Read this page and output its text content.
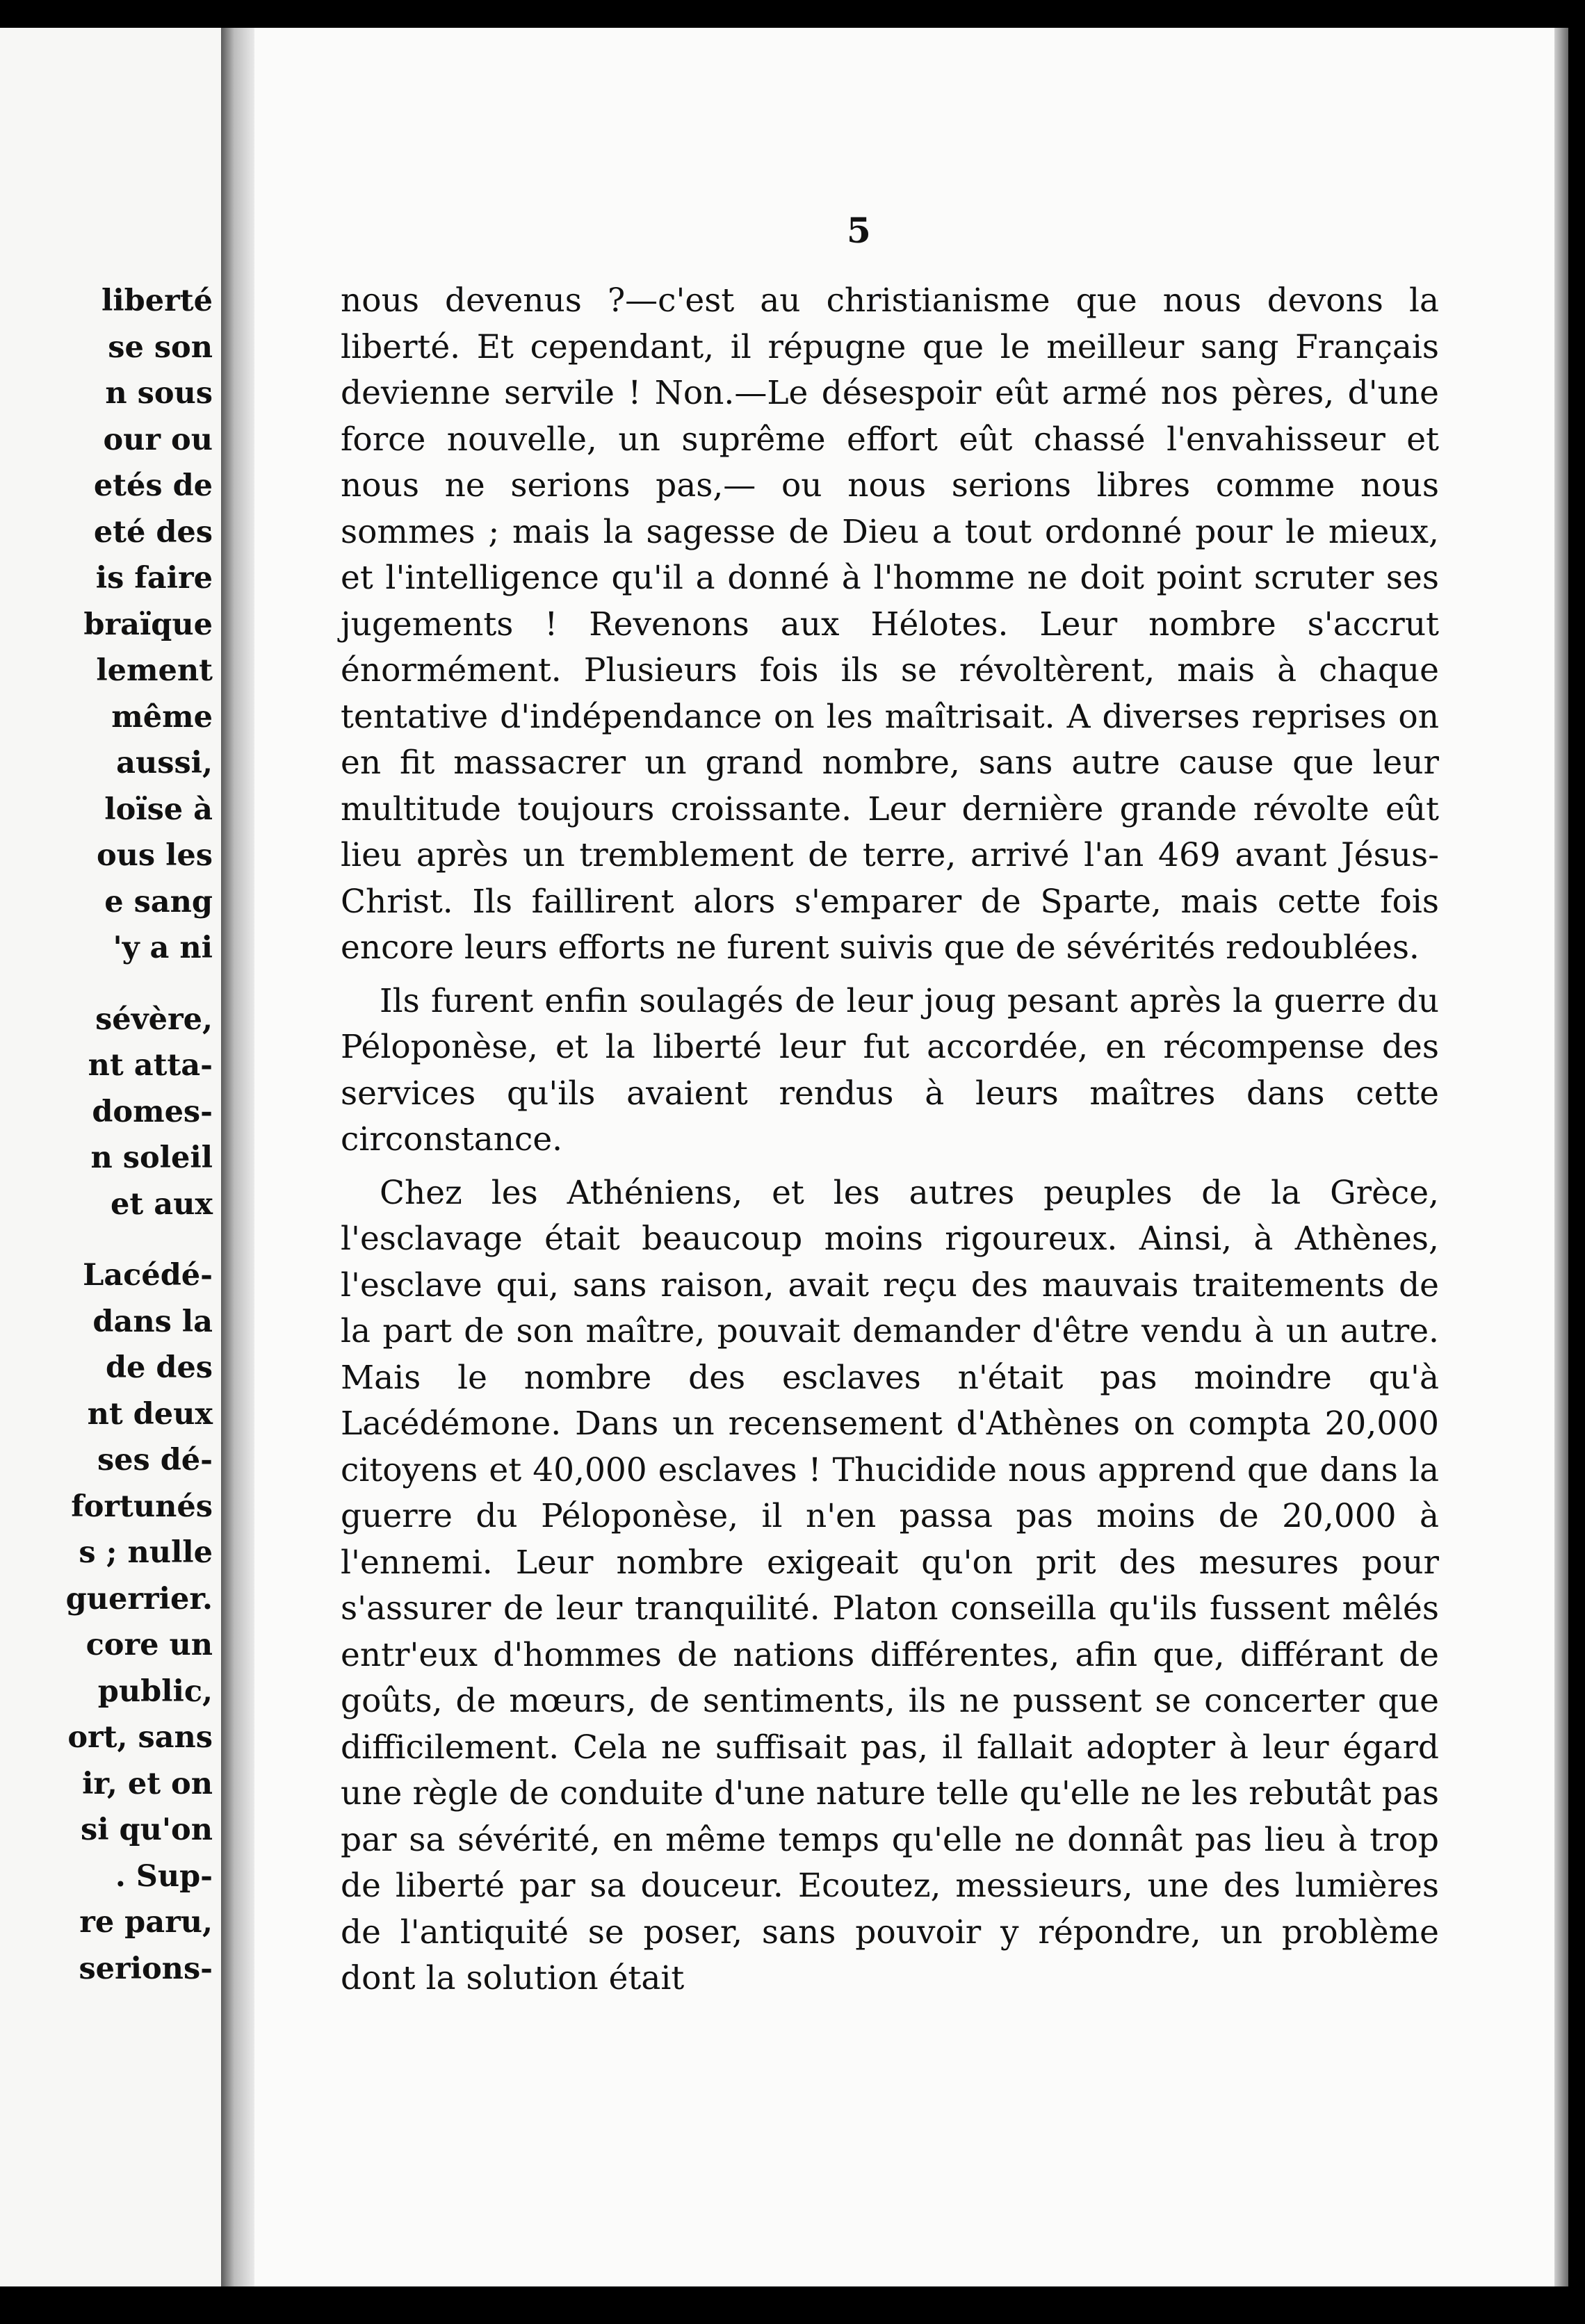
liberté
se son
n sous
our ou
etés de
eté des
is faire
braïque
lement
même
aussi,
loïse à
ous les
e sang
'y a ni
sévère,
nt atta-
domes-
n soleil
et aux
Lacédé-
dans la
de des
nt deux
ses dé-
fortunés
s ; nulle
guerrier.
core un
public,
ort, sans
ir, et on
si qu'on
. Sup-
re paru,
serions-
5

nous devenus ?—c'est au christianisme que nous devons la liberté. Et cependant, il répugne que le meilleur sang Français devienne servile ! Non.—Le désespoir eût armé nos pères, d'une force nouvelle, un suprême effort eût chassé l'envahisseur et nous ne serions pas,— ou nous serions libres comme nous sommes ; mais la sagesse de Dieu a tout ordonné pour le mieux, et l'intelligence qu'il a donné à l'homme ne doit point scruter ses jugements ! Revenons aux Hélotes. Leur nombre s'accrut énormément. Plusieurs fois ils se révoltèrent, mais à chaque tentative d'indépendance on les maîtrisait. A diverses reprises on en fit massacrer un grand nombre, sans autre cause que leur multitude toujours croissante. Leur dernière grande révolte eût lieu après un tremblement de terre, arrivé l'an 469 avant Jésus-Christ. Ils faillirent alors s'emparer de Sparte, mais cette fois encore leurs efforts ne furent suivis que de sévérités redoublées.

Ils furent enfin soulagés de leur joug pesant après la guerre du Péloponèse, et la liberté leur fut accordée, en récompense des services qu'ils avaient rendus à leurs maîtres dans cette circonstance.

Chez les Athéniens, et les autres peuples de la Grèce, l'esclavage était beaucoup moins rigoureux. Ainsi, à Athènes, l'esclave qui, sans raison, avait reçu des mauvais traitements de la part de son maître, pouvait demander d'être vendu à un autre. Mais le nombre des esclaves n'était pas moindre qu'à Lacédémone. Dans un recensement d'Athènes on compta 20,000 citoyens et 40,000 esclaves ! Thucidide nous apprend que dans la guerre du Péloponèse, il n'en passa pas moins de 20,000 à l'ennemi. Leur nombre exigeait qu'on prit des mesures pour s'assurer de leur tranquilité. Platon conseilla qu'ils fussent mêlés entr'eux d'hommes de nations différentes, afin que, différant de goûts, de mœurs, de sentiments, ils ne pussent se concerter que difficilement. Cela ne suffisait pas, il fallait adopter à leur égard une règle de conduite d'une nature telle qu'elle ne les rebutât pas par sa sévérité, en même temps qu'elle ne donnât pas lieu à trop de liberté par sa douceur. Ecoutez, messieurs, une des lumières de l'antiquité se poser, sans pouvoir y répondre, un problème dont la solution était
